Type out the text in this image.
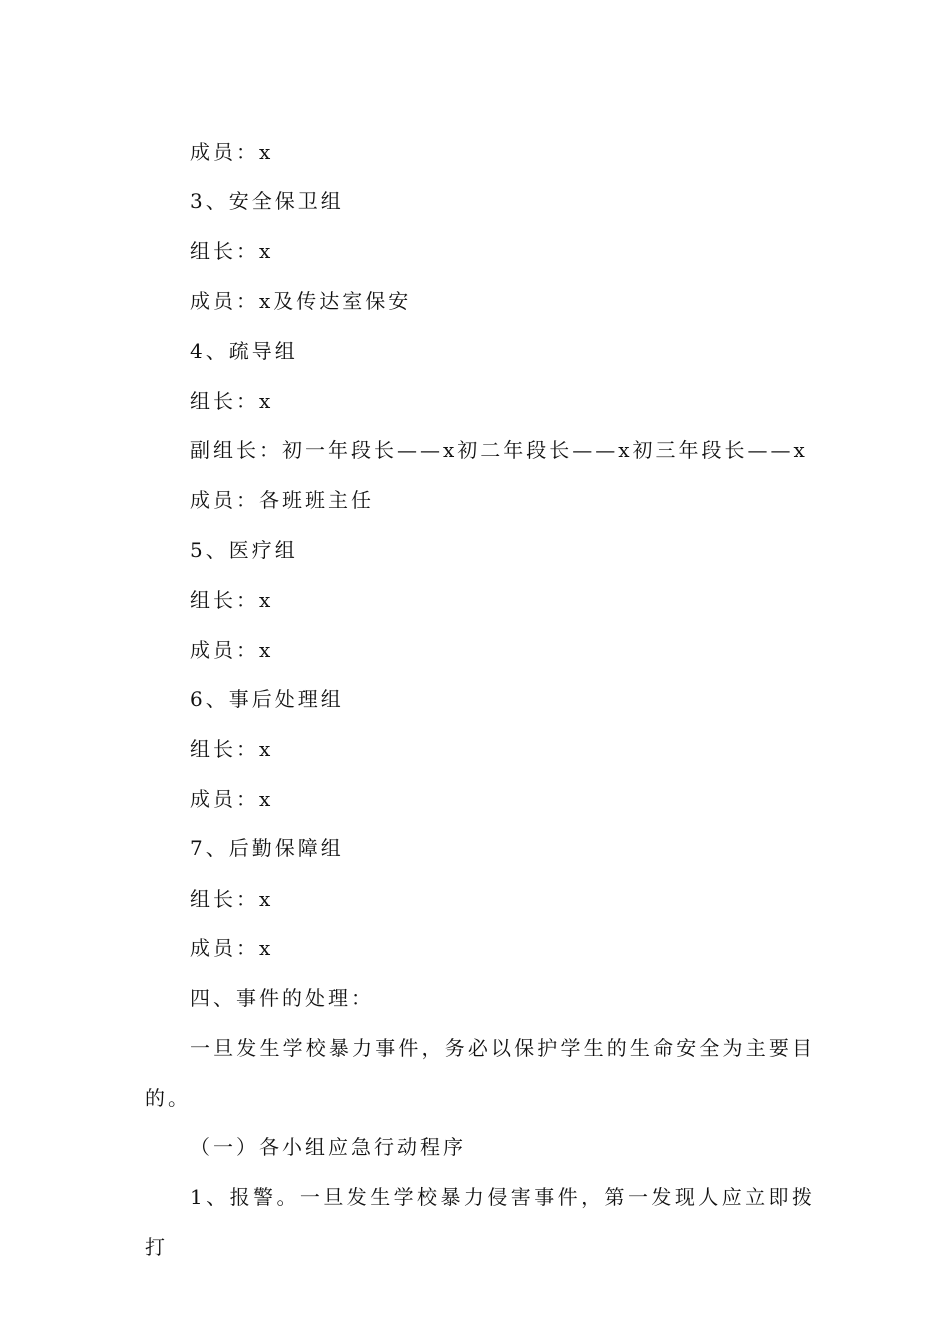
成员：x
3、安全保卫组
组长：x
成员：x及传达室保安
4、疏导组
组长：x
副组长：初一年段长——x初二年段长——x初三年段长——x
成员：各班班主任
5、医疗组
组长：x
成员：x
6、事后处理组
组长：x
成员：x
7、后勤保障组
组长：x
成员：x
四、事件的处理：
一旦发生学校暴力事件，务必以保护学生的生命安全为主要目的。
（一）各小组应急行动程序
1、报警。一旦发生学校暴力侵害事件，第一发现人应立即拨打
